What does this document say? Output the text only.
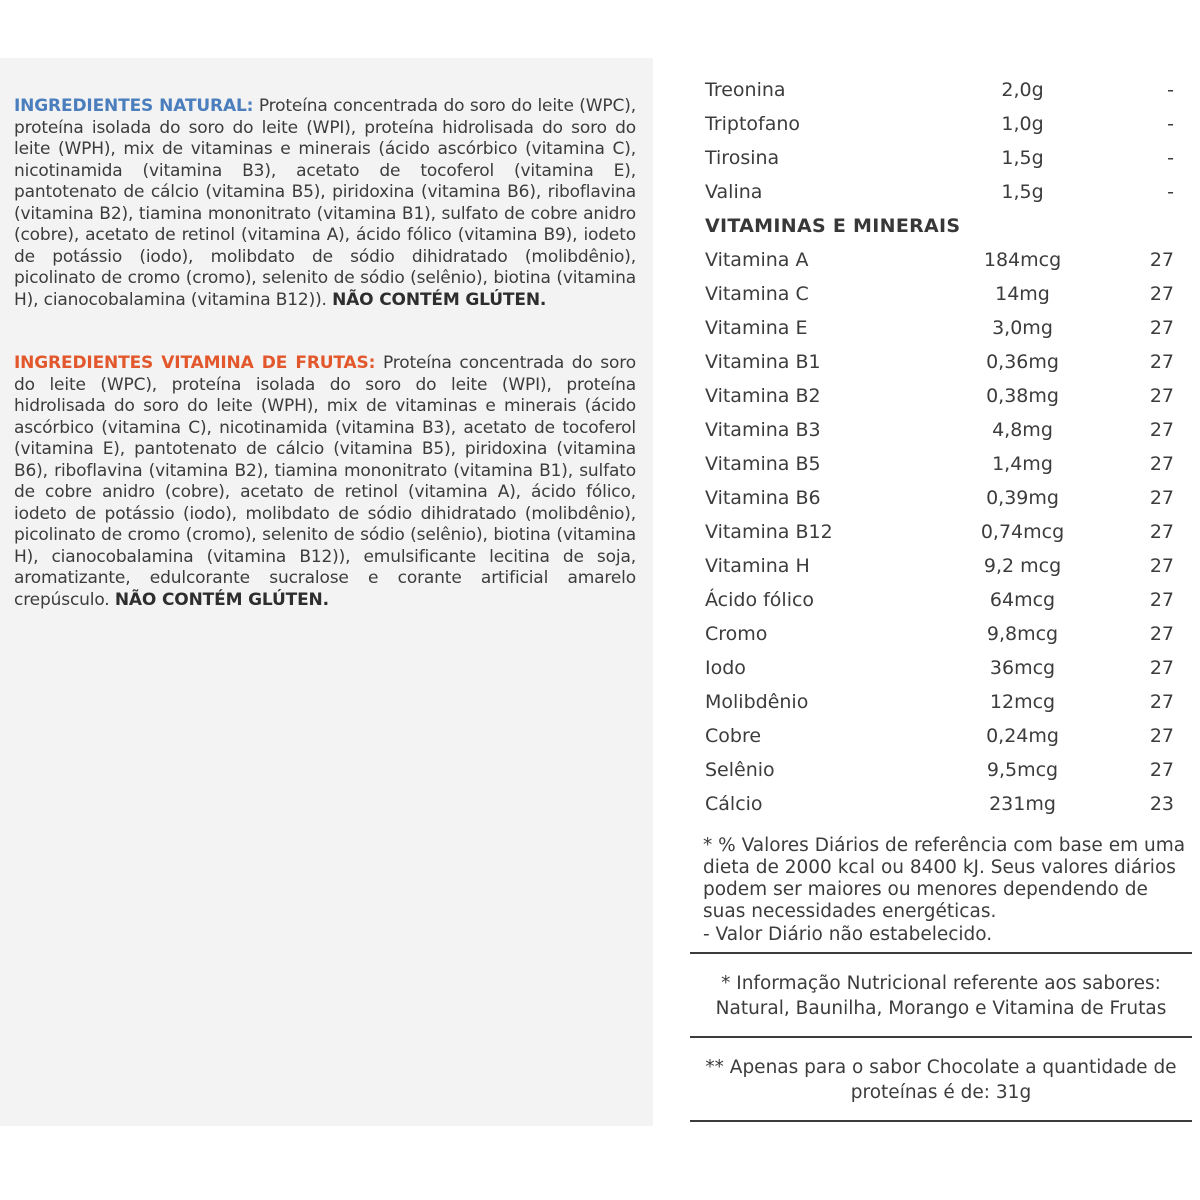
INGREDIENTES NATURAL: Proteína concentrada do soro do leite (WPC), proteína isolada do soro do leite (WPI), proteína hidrolisada do soro do leite (WPH), mix de vitaminas e minerais (ácido ascórbico (vitamina C), nicotinamida (vitamina B3), acetato de tocoferol (vitamina E), pantotenato de cálcio (vitamina B5), piridoxina (vitamina B6), riboflavina (vitamina B2), tiamina mononitrato (vitamina B1), sulfato de cobre anidro (cobre), acetato de retinol (vitamina A), ácido fólico (vitamina B9), iodeto de potássio (iodo), molibdato de sódio dihidratado (molibdênio), picolinato de cromo (cromo), selenito de sódio (selênio), biotina (vitamina H), cianocobalamina (vitamina B12)). NÃO CONTÉM GLÚTEN.

INGREDIENTES VITAMINA DE FRUTAS: Proteína concentrada do soro do leite (WPC), proteína isolada do soro do leite (WPI), proteína hidrolisada do soro do leite (WPH), mix de vitaminas e minerais (ácido ascórbico (vitamina C), nicotinamida (vitamina B3), acetato de tocoferol (vitamina E), pantotenato de cálcio (vitamina B5), piridoxina (vitamina B6), riboflavina (vitamina B2), tiamina mononitrato (vitamina B1), sulfato de cobre anidro (cobre), acetato de retinol (vitamina A), ácido fólico, iodeto de potássio (iodo), molibdato de sódio dihidratado (molibdênio), picolinato de cromo (cromo), selenito de sódio (selênio), biotina (vitamina H), cianocobalamina (vitamina B12)), emulsificante lecitina de soja, aromatizante, edulcorante sucralose e corante artificial amarelo crepúsculo. NÃO CONTÉM GLÚTEN.

Treonina	2,0g	-
Triptofano	1,0g	-
Tirosina	1,5g	-
Valina	1,5g	-
VITAMINAS E MINERAIS
Vitamina A	184mcg	27
Vitamina C	14mg	27
Vitamina E	3,0mg	27
Vitamina B1	0,36mg	27
Vitamina B2	0,38mg	27
Vitamina B3	4,8mg	27
Vitamina B5	1,4mg	27
Vitamina B6	0,39mg	27
Vitamina B12	0,74mcg	27
Vitamina H	9,2 mcg	27
Ácido fólico	64mcg	27
Cromo	9,8mcg	27
Iodo	36mcg	27
Molibdênio	12mcg	27
Cobre	0,24mg	27
Selênio	9,5mcg	27
Cálcio	231mg	23
* % Valores Diários de referência com base em uma dieta de 2000 kcal ou 8400 kJ. Seus valores diários podem ser maiores ou menores dependendo de suas necessidades energéticas.
- Valor Diário não estabelecido.
* Informação Nutricional referente aos sabores: Natural, Baunilha, Morango e Vitamina de Frutas
** Apenas para o sabor Chocolate a quantidade de proteínas é de: 31g
